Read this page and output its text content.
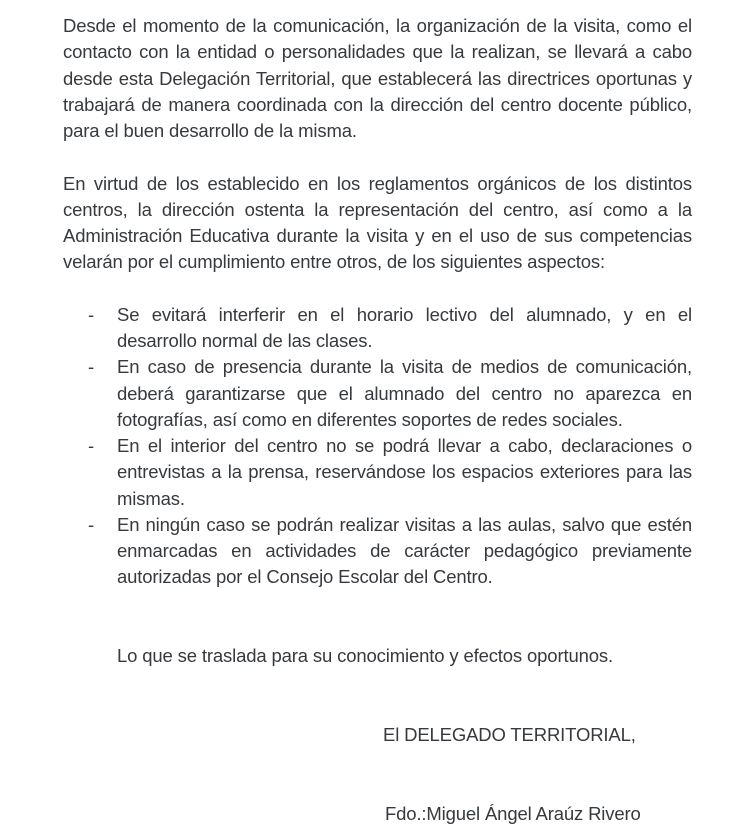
Desde el momento de la comunicación, la organización de la visita, como el contacto con la entidad o personalidades que la realizan, se llevará a cabo desde esta Delegación Territorial, que establecerá las directrices oportunas y trabajará de manera coordinada con la dirección del centro docente público, para el buen desarrollo de la misma.

En virtud de los establecido en los reglamentos orgánicos de los distintos centros, la dirección ostenta la representación del centro, así como a la Administración Educativa durante la visita y en el uso de sus competencias velarán por el cumplimiento entre otros, de los siguientes aspectos:

- Se evitará interferir en el horario lectivo del alumnado, y en el desarrollo normal de las clases.
- En caso de presencia durante la visita de medios de comunicación, deberá garantizarse que el alumnado del centro no aparezca en fotografías, así como en diferentes soportes de redes sociales.
- En el interior del centro no se podrá llevar a cabo, declaraciones o entrevistas a la prensa, reservándose los espacios exteriores para las mismas.
- En ningún caso se podrán realizar visitas a las aulas, salvo que estén enmarcadas en actividades de carácter pedagógico previamente autorizadas por el Consejo Escolar del Centro.

Lo que se traslada para su conocimiento y efectos oportunos.

El DELEGADO TERRITORIAL,

Fdo.:Miguel Ángel Araúz Rivero
